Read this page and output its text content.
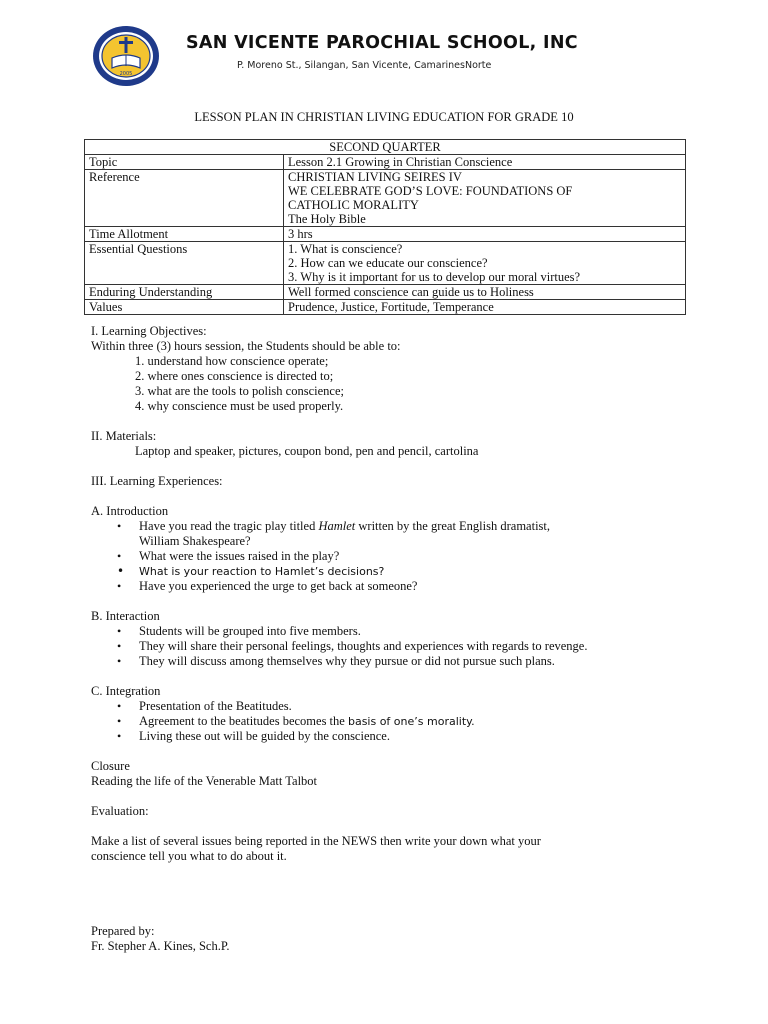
2005
SAN VICENTE PAROCHIAL SCHOOL, INC
P. Moreno St., Silangan, San Vicente, CamarinesNorte
LESSON PLAN IN CHRISTIAN LIVING EDUCATION FOR GRADE 10
SECOND QUARTER	
Topic	Lesson 2.1 Growing in Christian Conscience

Reference	CHRISTIAN LIVING SEIRES IV
WE CELEBRATE GOD’S LOVE: FOUNDATIONS OF
CATHOLIC MORALITY
The Holy Bible

Time Allotment	3 hrs

Essential Questions	1. What is conscience?
2. How can we educate our conscience?
3. Why is it important for us to develop our moral virtues?

Enduring Understanding	Well formed conscience can guide us to Holiness

Values	Prudence, Justice, Fortitude, Temperance

I. Learning Objectives:

Within three (3) hours session, the Students should be able to:

1. understand how conscience operate;

2. where ones conscience is directed to;

3. what are the tools to polish conscience;

4. why conscience must be used properly.

II. Materials:

Laptop and speaker, pictures, coupon bond, pen and pencil, cartolina

III. Learning Experiences:

A. Introduction

• Have you read the tragic play titled Hamlet written by the great English dramatist,
William Shakespeare?
• What were the issues raised in the play?
• What is your reaction to Hamlet’s decisions?
• Have you experienced the urge to get back at someone?

B. Interaction

• Students will be grouped into five members.
• They will share their personal feelings, thoughts and experiences with regards to revenge.
• They will discuss among themselves why they pursue or did not pursue such plans.

C. Integration

• Presentation of the Beatitudes.
• Agreement to the beatitudes becomes the basis of one’s morality.
• Living these out will be guided by the conscience.

Closure

Reading the life of the Venerable Matt Talbot

Evaluation:

Make a list of several issues being reported in the NEWS then write your down what your

conscience tell you what to do about it.

Prepared by:

Fr. Stepher A. Kines, Sch.P.
